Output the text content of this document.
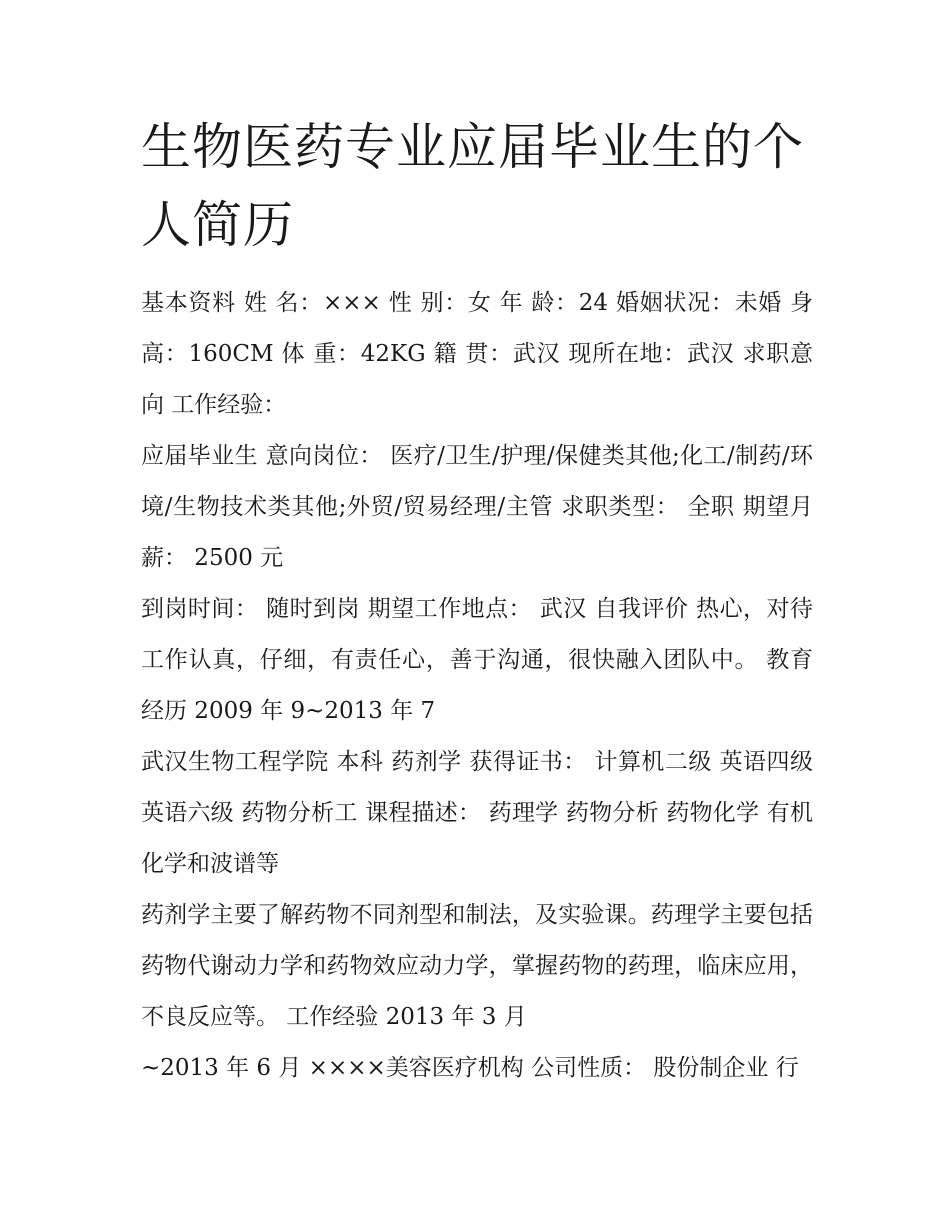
生物医药专业应届毕业生的个人简历

基本资料 姓 名：××× 性 别：女 年 龄：24 婚姻状况：未婚 身高：160CM 体 重：42KG 籍 贯：武汉 现所在地：武汉 求职意向 工作经验：

应届毕业生 意向岗位： 医疗/卫生/护理/保健类其他;化工/制药/环境/生物技术类其他;外贸/贸易经理/主管 求职类型： 全职 期望月薪： 2500 元

到岗时间： 随时到岗 期望工作地点： 武汉 自我评价 热心，对待工作认真，仔细，有责任心，善于沟通，很快融入团队中。 教育经历 2009 年 9~2013 年 7

武汉生物工程学院 本科 药剂学 获得证书： 计算机二级 英语四级 英语六级 药物分析工 课程描述： 药理学 药物分析 药物化学 有机化学和波谱等

药剂学主要了解药物不同剂型和制法，及实验课。药理学主要包括药物代谢动力学和药物效应动力学，掌握药物的药理，临床应用，不良反应等。 工作经验 2013 年 3 月

~2013 年 6 月 ××××美容医疗机构 公司性质： 股份制企业 行
